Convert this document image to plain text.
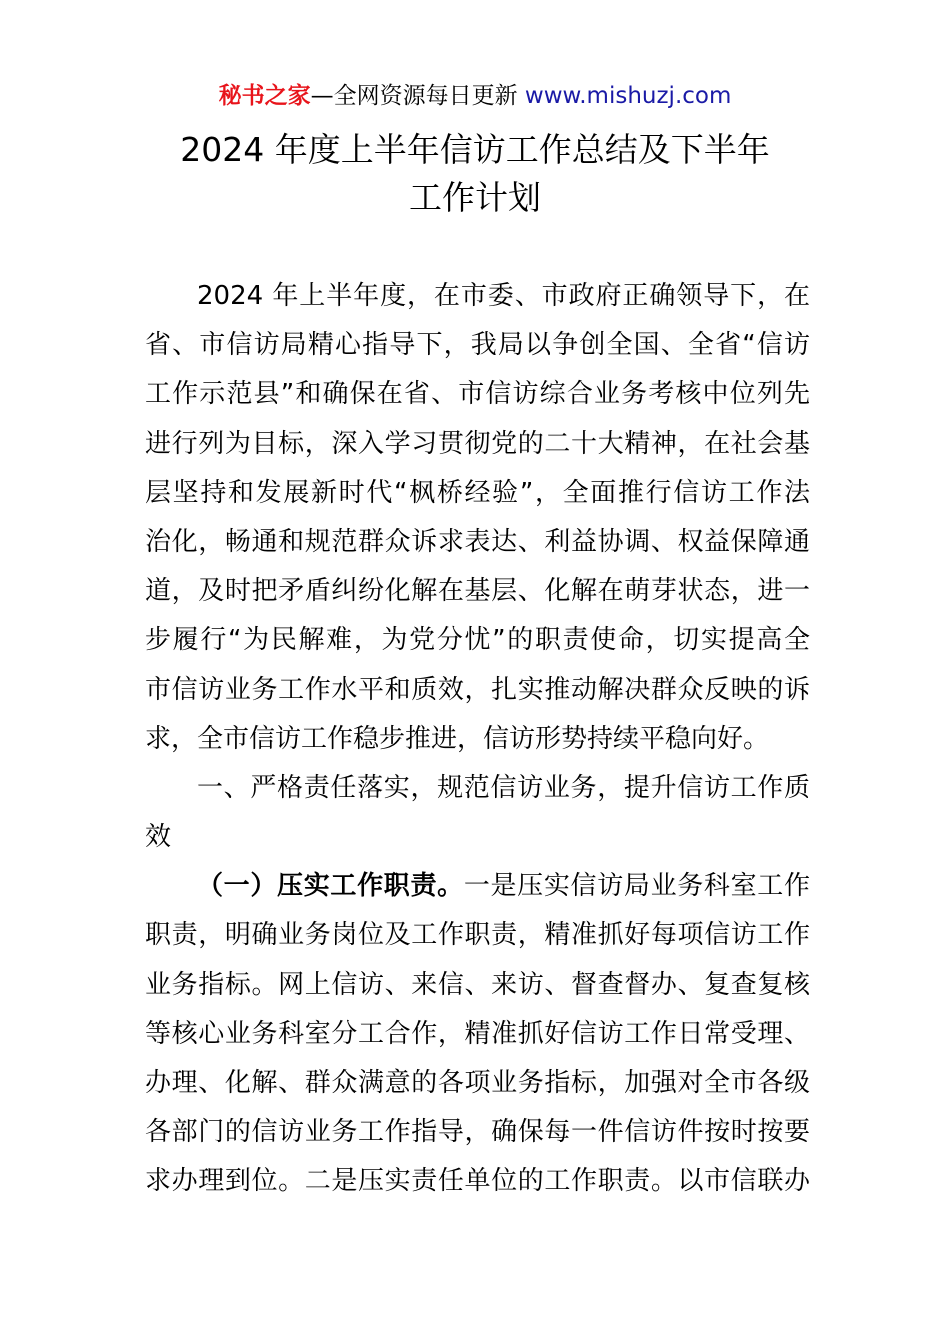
秘书之家—全网资源每日更新 www.mishuzj.com
2024 年度上半年信访工作总结及下半年
工作计划
2024 年上半年度，在市委、市政府正确领导下，在
省、市信访局精心指导下，我局以争创全国、全省“信访
工作示范县”和确保在省、市信访综合业务考核中位列先
进行列为目标，深入学习贯彻党的二十大精神，在社会基
层坚持和发展新时代“枫桥经验”，全面推行信访工作法
治化，畅通和规范群众诉求表达、利益协调、权益保障通
道，及时把矛盾纠纷化解在基层、化解在萌芽状态，进一
步履行“为民解难，为党分忧”的职责使命，切实提高全
市信访业务工作水平和质效，扎实推动解决群众反映的诉
求，全市信访工作稳步推进，信访形势持续平稳向好。
一、严格责任落实，规范信访业务，提升信访工作质
效
（一）压实工作职责。一是压实信访局业务科室工作
职责，明确业务岗位及工作职责，精准抓好每项信访工作
业务指标。网上信访、来信、来访、督查督办、复查复核
等核心业务科室分工合作，精准抓好信访工作日常受理、
办理、化解、群众满意的各项业务指标，加强对全市各级
各部门的信访业务工作指导，确保每一件信访件按时按要
求办理到位。二是压实责任单位的工作职责。以市信联办
